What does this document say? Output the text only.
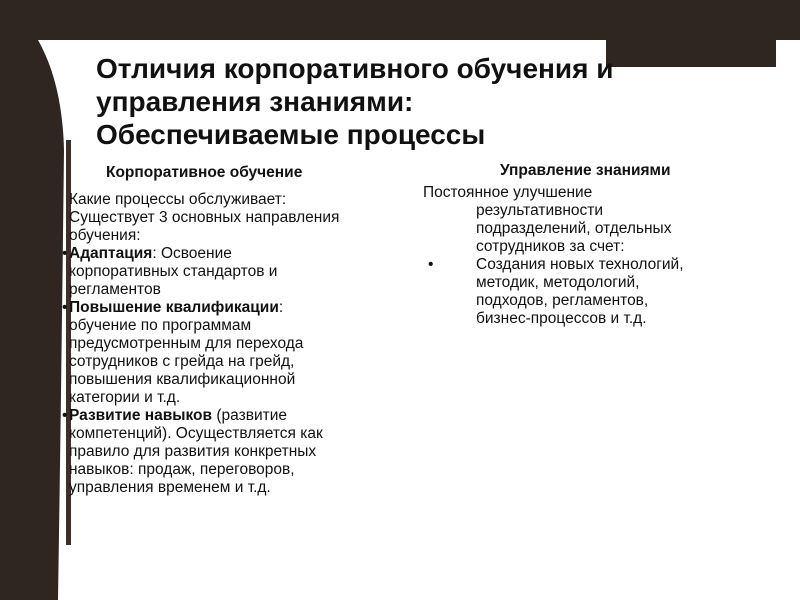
Отличия корпоративного обучения и
управления знаниями:
Обеспечиваемые процессы
Корпоративное обучение	Управление знаниями
Какие процессы обслуживает:
Существует 3 основных направления
обучения:
• Адаптация: Освоение
корпоративных стандартов и
регламентов
• Повышение квалификации:
обучение по программам
предусмотренным для перехода
сотрудников с грейда на грейд,
повышения квалификационной
категории и т.д.
• Развитие навыков (развитие
компетенций). Осуществляется как
правило для развития конкретных
навыков: продаж, переговоров,
управления временем и т.д.
Постоянное улучшение
результативности
подразделений, отдельных
сотрудников за счет:
•	Создания новых технологий,
методик, методологий,
подходов, регламентов,
бизнес-процессов и т.д.
